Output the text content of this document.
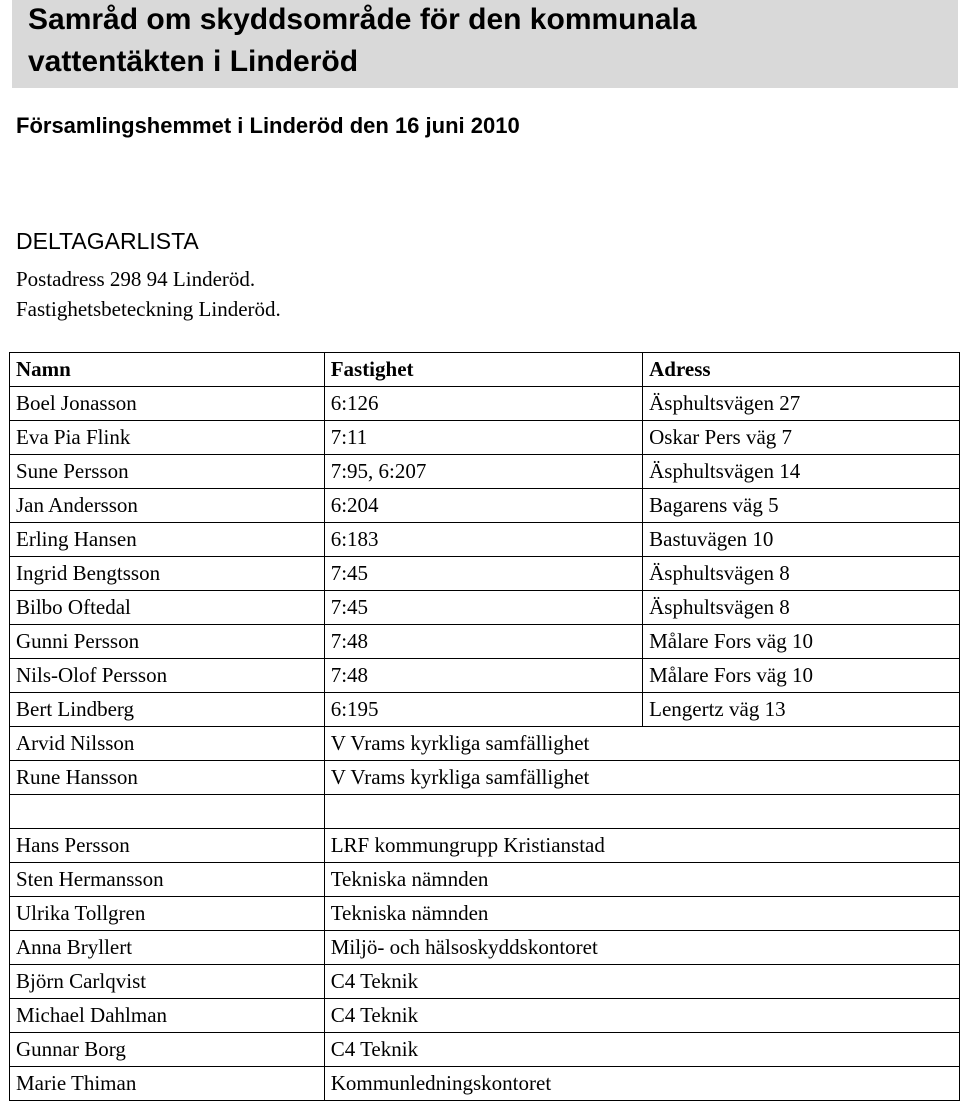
Samråd om skyddsområde för den kommunala
vattentäkten i Linderöd
Församlingshemmet i Linderöd den 16 juni 2010
DELTAGARLISTA
Postadress 298 94 Linderöd.
Fastighetsbeteckning Linderöd.
Namn	Fastighet	Adress
Boel Jonasson	6:126	Äsphultsvägen 27
Eva Pia Flink	7:11	Oskar Pers väg 7
Sune Persson	7:95, 6:207	Äsphultsvägen 14
Jan Andersson	6:204	Bagarens väg 5
Erling Hansen	6:183	Bastuvägen 10
Ingrid Bengtsson	7:45	Äsphultsvägen 8
Bilbo Oftedal	7:45	Äsphultsvägen 8
Gunni Persson	7:48	Målare Fors väg 10
Nils-Olof Persson	7:48	Målare Fors väg 10
Bert Lindberg	6:195	Lengertz väg 13
Arvid Nilsson	V Vrams kyrkliga samfällighet	
Rune Hansson	V Vrams kyrkliga samfällighet	

Hans Persson	LRF kommungrupp Kristianstad	
Sten Hermansson	Tekniska nämnden	
Ulrika Tollgren	Tekniska nämnden	
Anna Bryllert	Miljö- och hälsoskyddskontoret	
Björn Carlqvist	C4 Teknik	
Michael Dahlman	C4 Teknik	
Gunnar Borg	C4 Teknik	
Marie Thiman	Kommunledningskontoret	
